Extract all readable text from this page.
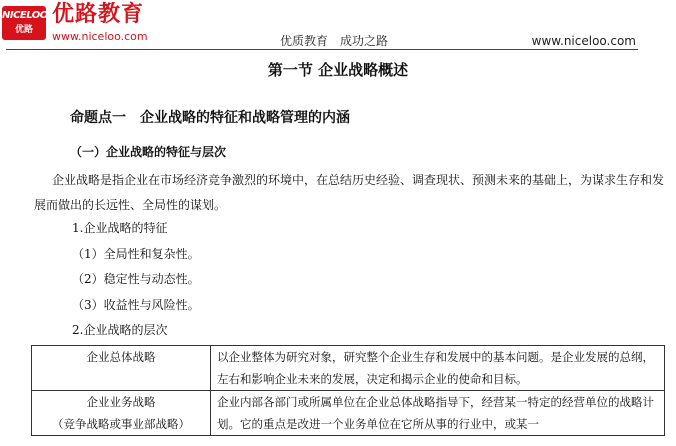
NICELOO
优路
优路教育
www.niceloo.com	优质教育　成功之路	www.niceloo.com
第一节 企业战略概述
命题点一　企业战略的特征和战略管理的内涵
（一）企业战略的特征与层次
企业战略是指企业在市场经济竞争激烈的环境中，在总结历史经验、调查现状、预测未来的基础上，为谋求生存和发展而做出的长远性、全局性的谋划。
1.企业战略的特征
（1）全局性和复杂性。
（2）稳定性与动态性。
（3）收益性与风险性。
2.企业战略的层次
企业总体战略	以企业整体为研究对象，研究整个企业生存和发展中的基本问题。是企业发展的总纲，左右和影响企业未来的发展，决定和揭示企业的使命和目标。

企业业务战略
（竞争战略或事业部战略）	企业内部各部门或所属单位在企业总体战略指导下，经营某一特定的经营单位的战略计划。它的重点是改进一个业务单位在它所从事的行业中，或某一
